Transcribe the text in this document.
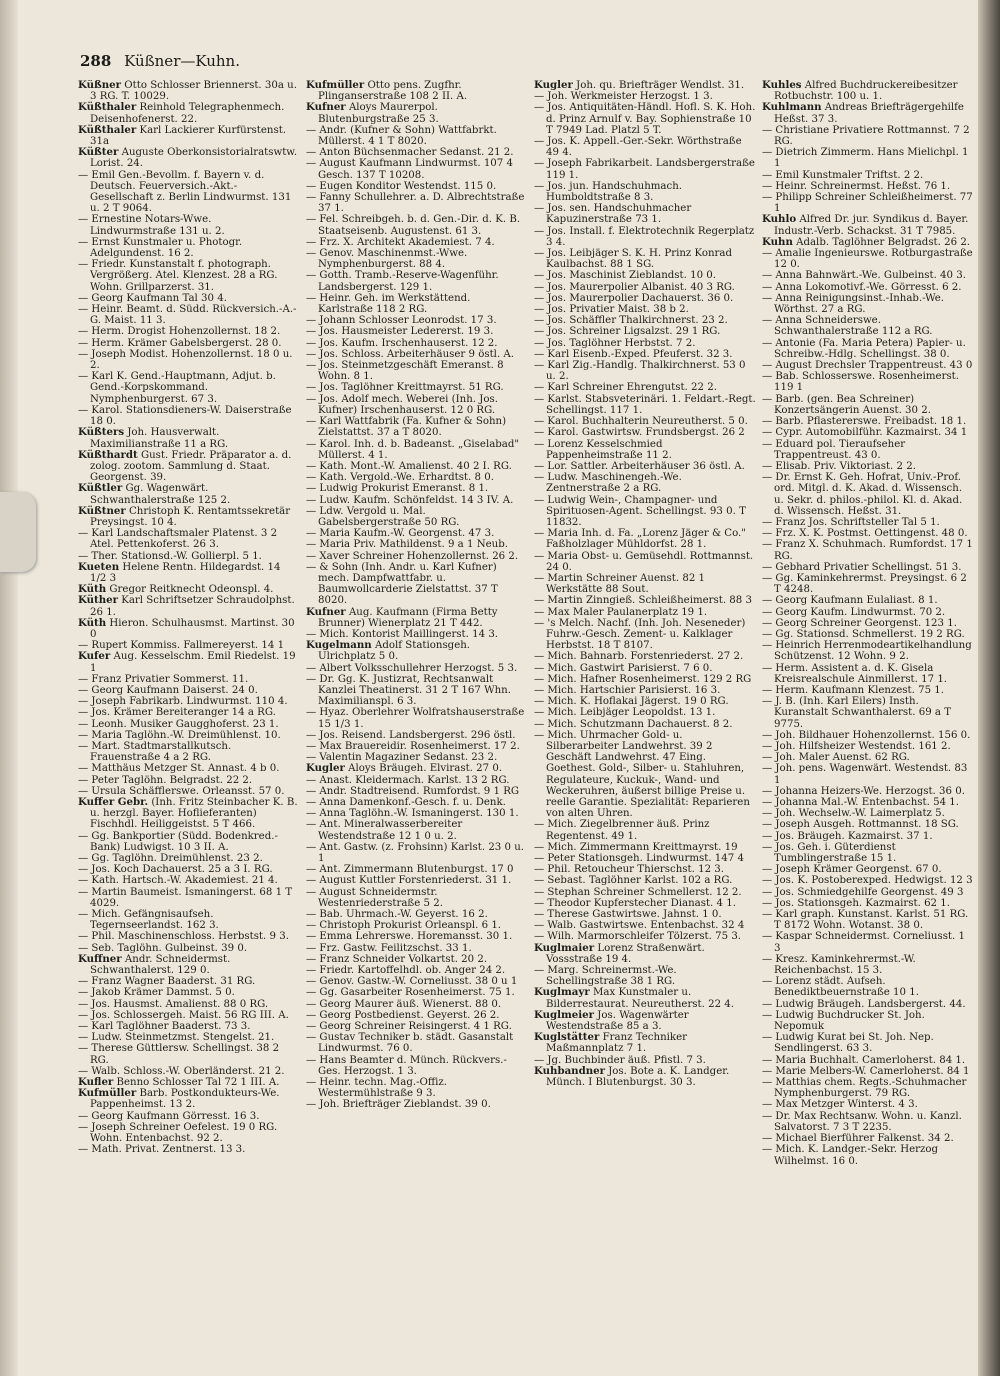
288 Küßner—Kuhn.

Küßner Otto Schlosser Briennerst. 30a u. 3 RG. T. 10029.

Küßthaler Reinhold Telegraphenmech. Deisenhofenerst. 22.

Küßthaler Karl Lackierer Kurfürstenst. 31a

Küßter Auguste Oberkonsistorialratswtw. Lorist. 24.

— Emil Gen.-Bevollm. f. Bayern v. d. Deutsch. Feuerversich.-Akt.-Gesellschaft z. Berlin Lindwurmst. 131 u. 2 T 9064.

— Ernestine Notars-Wwe. Lindwurmstraße 131 u. 2.

— Ernst Kunstmaler u. Photogr. Adelgundenst. 16 2.

— Friedr. Kunstanstalt f. photograph. Vergrößerg. Atel. Klenzest. 28 a RG. Wohn. Grillparzerst. 31.

— Georg Kaufmann Tal 30 4.

— Heinr. Beamt. d. Südd. Rückversich.-A.-G. Maist. 11 3.

— Herm. Drogist Hohenzollernst. 18 2.

— Herm. Krämer Gabelsbergerst. 28 0.

— Joseph Modist. Hohenzollernst. 18 0 u. 2.

— Karl K. Gend.-Hauptmann, Adjut. b. Gend.-Korpskommand. Nymphenburgerst. 67 3.

— Karol. Stationsdieners-W. Daiserstraße 18 0.

Küßters Joh. Hausverwalt. Maximilianstraße 11 a RG.

Küßthardt Gust. Friedr. Präparator a. d. zolog. zootom. Sammlung d. Staat. Georgenst. 39.

Küßtler Gg. Wagenwärt. Schwanthalerstraße 125 2.

Küßtner Christoph K. Rentamtssekretär Preysingst. 10 4.

— Karl Landschaftsmaler Platenst. 3 2 Atel. Pettenkoferst. 26 3.

— Ther. Stationsd.-W. Gollierpl. 5 1.

Kueten Helene Rentn. Hildegardst. 14 1/2 3

Küth Gregor Reitknecht Odeonspl. 4.

Küther Karl Schriftsetzer Schraudolphst. 26 1.

Küth Hieron. Schulhausmst. Martinst. 30 0

— Rupert Kommiss. Fallmereyerst. 14 1

Kufer Aug. Kesselschm. Emil Riedelst. 19 1

— Franz Privatier Sommerst. 11.

— Georg Kaufmann Daiserst. 24 0.

— Joseph Fabrikarb. Lindwurmst. 110 4.

— Jos. Krämer Bereiteranger 14 a RG.

— Leonh. Musiker Gaugghoferst. 23 1.

— Maria Taglöhn.-W. Dreimühlenst. 10.

— Mart. Stadtmarstallkutsch. Frauenstraße 4 a 2 RG.

— Matthäus Metzger St. Annast. 4 b 0.

— Peter Taglöhn. Belgradst. 22 2.

— Ursula Schäfflerswe. Orleansst. 57 0.

Kuffer Gebr. (Inh. Fritz Steinbacher K. B. u. herzgl. Bayer. Hoflieferanten) Fischhdl. Heiliggeistst. 5 T 466.

— Gg. Bankportier (Südd. Bodenkred.-Bank) Ludwigst. 10 3 II. A.

— Gg. Taglöhn. Dreimühlenst. 23 2.

— Jos. Koch Dachauerst. 25 a 3 I. RG.

— Kath. Hartsch.-W. Akademiest. 21 4.

— Martin Baumeist. Ismaningerst. 68 1 T 4029.

— Mich. Gefängnisaufseh. Tegernseerlandst. 162 3.

— Phil. Maschinenschloss. Herbstst. 9 3.

— Seb. Taglöhn. Gulbeinst. 39 0.

Kuffner Andr. Schneidermst. Schwanthalerst. 129 0.

— Franz Wagner Baaderst. 31 RG.

— Jakob Krämer Dammst. 5 0.

— Jos. Hausmst. Amalienst. 88 0 RG.

— Jos. Schlossergeh. Maist. 56 RG III. A.

— Karl Taglöhner Baaderst. 73 3.

— Ludw. Steinmetzmst. Stengelst. 21.

— Therese Güttlersw. Schellingst. 38 2 RG.

— Walb. Schloss.-W. Oberländerst. 21 2.

Kufler Benno Schlosser Tal 72 1 III. A.

Kufmüller Barb. Postkondukteurs-We. Pappenheimst. 13 2.

— Georg Kaufmann Görresst. 16 3.

— Joseph Schreiner Oefelest. 19 0 RG. Wohn. Entenbachst. 92 2.

— Math. Privat. Zentnerst. 13 3.

Kufmüller Otto pens. Zugfhr. Plinganserstraße 108 2 II. A.

Kufner Aloys Maurerpol. Blutenburgstraße 25 3.

— Andr. (Kufner & Sohn) Wattfabrkt. Müllerst. 4 1 T 8020.

— Anton Büchsenmacher Sedanst. 21 2.

— August Kaufmann Lindwurmst. 107 4 Gesch. 137 T 10208.

— Eugen Konditor Westendst. 115 0.

— Fanny Schullehrer. a. D. Albrechtstraße 37 1.

— Fel. Schreibgeh. b. d. Gen.-Dir. d. K. B. Staatseisenb. Augustenst. 61 3.

— Frz. X. Architekt Akademiest. 7 4.

— Genov. Maschinenmst.-Wwe. Nymphenburgerst. 88 4.

— Gotth. Tramb.-Reserve-Wagenführ. Landsbergerst. 129 1.

— Heinr. Geh. im Werkstättend. Karlstraße 118 2 RG.

— Johann Schlosser Leonrodst. 17 3.

— Jos. Hausmeister Ledererst. 19 3.

— Jos. Kaufm. Irschenhauserst. 12 2.

— Jos. Schloss. Arbeiterhäuser 9 östl. A.

— Jos. Steinmetzgeschäft Emeranst. 8 Wohn. 8 1.

— Jos. Taglöhner Kreittmayrst. 51 RG.

— Jos. Adolf mech. Weberei (Inh. Jos. Kufner) Irschenhauserst. 12 0 RG.

— Karl Wattfabrik (Fa. Kufner & Sohn) Zielstattst. 37 a T 8020.

— Karol. Inh. d. b. Badeanst. „Giselabad" Müllerst. 4 1.

— Kath. Mont.-W. Amalienst. 40 2 I. RG.

— Kath. Vergold.-We. Erhardtst. 8 0.

— Ludwig Prokurist Emeranst. 8 1.

— Ludw. Kaufm. Schönfeldst. 14 3 IV. A.

— Ldw. Vergold u. Mal. Gabelsbergerstraße 50 RG.

— Maria Kaufm.-W. Georgenst. 47 3.

— Maria Priv. Mathildenst. 9 a 1 Neub.

— Xaver Schreiner Hohenzollernst. 26 2.

— & Sohn (Inh. Andr. u. Karl Kufner) mech. Dampfwattfabr. u. Baumwollcarderie Zielstattst. 37 T 8020.

Kufner Aug. Kaufmann (Firma Betty Brunner) Wienerplatz 21 T 442.

— Mich. Kontorist Maillingerst. 14 3.

Kugelmann Adolf Stationsgeh. Ulrichplatz 5 0.

— Albert Volksschullehrer Herzogst. 5 3.

— Dr. Gg. K. Justizrat, Rechtsanwalt Kanzlei Theatinerst. 31 2 T 167 Whn. Maximilianspl. 6 3.

— Hyaz. Oberlehrer Wolfratshauserstraße 15 1/3 1.

— Jos. Reisend. Landsbergerst. 296 östl.

— Max Brauereidir. Rosenheimerst. 17 2.

— Valentin Magaziner Sedanst. 23 2.

Kugler Aloys Bräugeh. Elvirast. 27 0.

— Anast. Kleidermach. Karlst. 13 2 RG.

— Andr. Stadtreisend. Rumfordst. 9 1 RG

— Anna Damenkonf.-Gesch. f. u. Denk.

— Anna Taglöhn.-W. Ismaningerst. 130 1.

— Ant. Mineralwasserbereiter Westendstraße 12 1 0 u. 2.

— Ant. Gastw. (z. Frohsinn) Karlst. 23 0 u. 1

— Ant. Zimmermann Blutenburgst. 17 0

— August Kuttler Forstenriederst. 31 1.

— August Schneidermstr. Westenriederstraße 5 2.

— Bab. Uhrmach.-W. Geyerst. 16 2.

— Christoph Prokurist Orleanspl. 6 1.

— Emma Lehrerswe. Horemansst. 30 1.

— Frz. Gastw. Feilitzschst. 33 1.

— Franz Schneider Volkartst. 20 2.

— Friedr. Kartoffelhdl. ob. Anger 24 2.

— Genov. Gastw.-W. Corneliusst. 38 0 u 1

— Gg. Gasarbeiter Rosenheimerst. 75 1.

— Georg Maurer äuß. Wienerst. 88 0.

— Georg Postbedienst. Geyerst. 26 2.

— Georg Schreiner Reisingerst. 4 1 RG.

— Gustav Techniker b. städt. Gasanstalt Lindwurmst. 76 0.

— Hans Beamter d. Münch. Rückvers.-Ges. Herzogst. 1 3.

— Heinr. techn. Mag.-Offiz. Westermühlstraße 9 3.

— Joh. Briefträger Zieblandst. 39 0.

Kugler Joh. qu. Briefträger Wendlst. 31.

— Joh. Werkmeister Herzogst. 1 3.

— Jos. Antiquitäten-Händl. Hofl. S. K. Hoh. d. Prinz Arnulf v. Bay. Sophienstraße 10 T 7949 Lad. Platzl 5 T.

— Jos. K. Appell.-Ger.-Sekr. Wörthstraße 49 4.

— Joseph Fabrikarbeit. Landsbergerstraße 119 1.

— Jos. jun. Handschuhmach. Humboldtstraße 8 3.

— Jos. sen. Handschuhmacher Kapuzinerstraße 73 1.

— Jos. Install. f. Elektrotechnik Regerplatz 3 4.

— Jos. Leibjäger S. K. H. Prinz Konrad Kaulbachst. 88 1 SG.

— Jos. Maschinist Zieblandst. 10 0.

— Jos. Maurerpolier Albanist. 40 3 RG.

— Jos. Maurerpolier Dachauerst. 36 0.

— Jos. Privatier Maist. 38 b 2.

— Jos. Schäffler Thalkirchnerst. 23 2.

— Jos. Schreiner Ligsalzst. 29 1 RG.

— Jos. Taglöhner Herbstst. 7 2.

— Karl Eisenb.-Exped. Pfeuferst. 32 3.

— Karl Zig.-Handlg. Thalkirchnerst. 53 0 u. 2.

— Karl Schreiner Ehrengutst. 22 2.

— Karlst. Stabsveterinäri. 1. Feldart.-Regt. Schellingst. 117 1.

— Karol. Buchhalterin Neureutherst. 5 0.

— Karol. Gastwirtsw. Frundsbergst. 26 2

— Lorenz Kesselschmied Pappenheimstraße 11 2.

— Lor. Sattler. Arbeiterhäuser 36 östl. A.

— Ludw. Maschinengeh.-We. Zentnerstraße 2 a RG.

— Ludwig Wein-, Champagner- und Spirituosen-Agent. Schellingst. 93 0. T 11832.

— Maria Inh. d. Fa. „Lorenz Jäger & Co." Faßholzlager Mühldorfst. 28 1.

— Maria Obst- u. Gemüsehdl. Rottmannst. 24 0.

— Martin Schreiner Auenst. 82 1 Werkstätte 88 Sout.

— Martin Zinngieß. Schleißheimerst. 88 3

— Max Maler Paulanerplatz 19 1.

— 's Melch. Nachf. (Inh. Joh. Neseneder) Fuhrw.-Gesch. Zement- u. Kalklager Herbstst. 18 T 8107.

— Mich. Bahnarb. Forstenriederst. 27 2.

— Mich. Gastwirt Parisierst. 7 6 0.

— Mich. Hafner Rosenheimerst. 129 2 RG

— Mich. Hartschier Parisierst. 16 3.

— Mich. K. Hoflakai Jägerst. 19 0 RG.

— Mich. Leibjäger Leopoldst. 13 1.

— Mich. Schutzmann Dachauerst. 8 2.

— Mich. Uhrmacher Gold- u. Silberarbeiter Landwehrst. 39 2 Geschäft Landwehrst. 47 Eing. Goethest. Gold-, Silber- u. Stahluhren, Regulateure, Kuckuk-, Wand- und Weckeruhren, äußerst billige Preise u. reelle Garantie. Spezialität: Reparieren von alten Uhren.

— Mich. Ziegelbrenner äuß. Prinz Regentenst. 49 1.

— Mich. Zimmermann Kreittmayrst. 19

— Peter Stationsgeh. Lindwurmst. 147 4

— Phil. Retoucheur Thierschst. 12 3.

— Sebast. Taglöhner Karlst. 102 a RG.

— Stephan Schreiner Schmellerst. 12 2.

— Theodor Kupferstecher Dianast. 4 1.

— Therese Gastwirtswe. Jahnst. 1 0.

— Walb. Gastwirtswe. Entenbachst. 32 4

— Wilh. Marmorschleifer Tölzerst. 75 3.

Kuglmaier Lorenz Straßenwärt. Vossstraße 19 4.

— Marg. Schreinermst.-We. Schellingstraße 38 1 RG.

Kuglmayr Max Kunstmaler u. Bilderrestaurat. Neureutherst. 22 4.

Kuglmeier Jos. Wagenwärter Westendstraße 85 a 3.

Kuglstätter Franz Techniker Maßmannplatz 7 1.

— Jg. Buchbinder äuß. Pfistl. 7 3.

Kuhbandner Jos. Bote a. K. Landger. Münch. I Blutenburgst. 30 3.

Kuhles Alfred Buchdruckereibesitzer Rotbuchstr. 100 u. 1.

Kuhlmann Andreas Briefträgergehilfe Heßst. 37 3.

— Christiane Privatiere Rottmannst. 7 2 RG.

— Dietrich Zimmerm. Hans Mielichpl. 1 1

— Emil Kunstmaler Triftst. 2 2.

— Heinr. Schreinermst. Heßst. 76 1.

— Philipp Schreiner Schleißheimerst. 77 1

Kuhlo Alfred Dr. jur. Syndikus d. Bayer. Industr.-Verb. Schackst. 31 T 7985.

Kuhn Adalb. Taglöhner Belgradst. 26 2.

— Amalie Ingenieurswe. Rotburgastraße 12 0.

— Anna Bahnwärt.-We. Gulbeinst. 40 3.

— Anna Lokomotivf.-We. Görresst. 6 2.

— Anna Reinigungsinst.-Inhab.-We. Wörthst. 27 a RG.

— Anna Schneiderswe. Schwanthalerstraße 112 a RG.

— Antonie (Fa. Maria Petera) Papier- u. Schreibw.-Hdlg. Schellingst. 38 0.

— August Drechsler Trappentreust. 43 0

— Bab. Schlosserswe. Rosenheimerst. 119 1

— Barb. (gen. Bea Schreiner) Konzertsängerin Auenst. 30 2.

— Barb. Pflastererswe. Freibadst. 18 1.

— Cypr. Automobilführ. Kazmairst. 34 1

— Eduard pol. Tieraufseher Trappentreust. 43 0.

— Elisab. Priv. Viktoriast. 2 2.

— Dr. Ernst K. Geh. Hofrat, Univ.-Prof. ord. Mitgl. d. K. Akad. d. Wissensch. u. Sekr. d. philos.-philol. Kl. d. Akad. d. Wissensch. Heßst. 31.

— Franz Jos. Schriftsteller Tal 5 1.

— Frz. X. K. Postmst. Oettingenst. 48 0.

— Franz X. Schuhmach. Rumfordst. 17 1 RG.

— Gebhard Privatier Schellingst. 51 3.

— Gg. Kaminkehrermst. Preysingst. 6 2 T 4248.

— Georg Kaufmann Eulaliast. 8 1.

— Georg Kaufm. Lindwurmst. 70 2.

— Georg Schreiner Georgenst. 123 1.

— Gg. Stationsd. Schmellerst. 19 2 RG.

— Heinrich Herrenmodeartikelhandlung Schützenst. 12 Wohn. 9 2.

— Herm. Assistent a. d. K. Gisela Kreisrealschule Ainmillerst. 17 1.

— Herm. Kaufmann Klenzest. 75 1.

— J. B. (Inh. Karl Eilers) Insth. Kuranstalt Schwanthalerst. 69 a T 9775.

— Joh. Bildhauer Hohenzollernst. 156 0.

— Joh. Hilfsheizer Westendst. 161 2.

— Joh. Maler Auenst. 62 RG.

— Joh. pens. Wagenwärt. Westendst. 83 1

— Johanna Heizers-We. Herzogst. 36 0.

— Johanna Mal.-W. Entenbachst. 54 1.

— Joh. Wechselw.-W. Laimerplatz 5.

— Joseph Ausgeh. Rottmannst. 18 SG.

— Jos. Bräugeh. Kazmairst. 37 1.

— Jos. Geh. i. Güterdienst Tumblingerstraße 15 1.

— Joseph Krämer Georgenst. 67 0.

— Jos. K. Postoberexped. Hedwigst. 12 3

— Jos. Schmiedgehilfe Georgenst. 49 3

— Jos. Stationsgeh. Kazmairst. 62 1.

— Karl graph. Kunstanst. Karlst. 51 RG. T 8172 Wohn. Wotanst. 38 0.

— Kaspar Schneidermst. Corneliusst. 1 3

— Kresz. Kaminkehrermst.-W. Reichenbachst. 15 3.

— Lorenz städt. Aufseh. Benediktbeuernstraße 10 1.

— Ludwig Bräugeh. Landsbergerst. 44.

— Ludwig Buchdrucker St. Joh. Nepomuk

— Ludwig Kurat bei St. Joh. Nep. Sendlingerst. 63 3.

— Maria Buchhalt. Camerloherst. 84 1.

— Marie Melbers-W. Camerloherst. 84 1

— Matthias chem. Regts.-Schuhmacher Nymphenburgerst. 79 RG.

— Max Metzger Winterst. 4 3.

— Dr. Max Rechtsanw. Wohn. u. Kanzl. Salvatorst. 7 3 T 2235.

— Michael Bierführer Falkenst. 34 2.

— Mich. K. Landger.-Sekr. Herzog Wilhelmst. 16 0.
